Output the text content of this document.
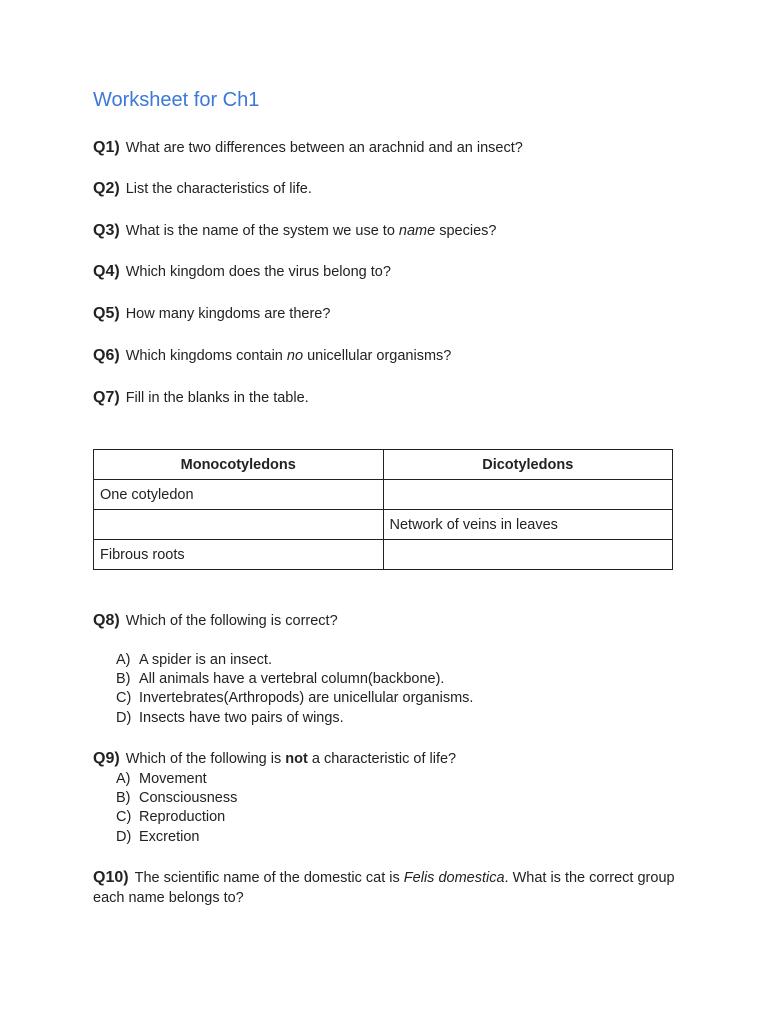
Worksheet for Ch1

Q1) What are two differences between an arachnid and an insect?

Q2) List the characteristics of life.

Q3) What is the name of the system we use to name species?

Q4) Which kingdom does the virus belong to?

Q5) How many kingdoms are there?

Q6) Which kingdoms contain no unicellular organisms?

Q7) Fill in the blanks in the table.

Monocotyledons	Dicotyledons
One cotyledon	
	Network of veins in leaves
Fibrous roots	

Q8) Which of the following is correct?

A) A spider is an insect.
B) All animals have a vertebral column(backbone).
C) Invertebrates(Arthropods) are unicellular organisms.
D) Insects have two pairs of wings.

Q9) Which of the following is not a characteristic of life?

A) Movement
B) Consciousness
C) Reproduction
D) Excretion

Q10) The scientific name of the domestic cat is Felis domestica. What is the correct group each name belongs to?
